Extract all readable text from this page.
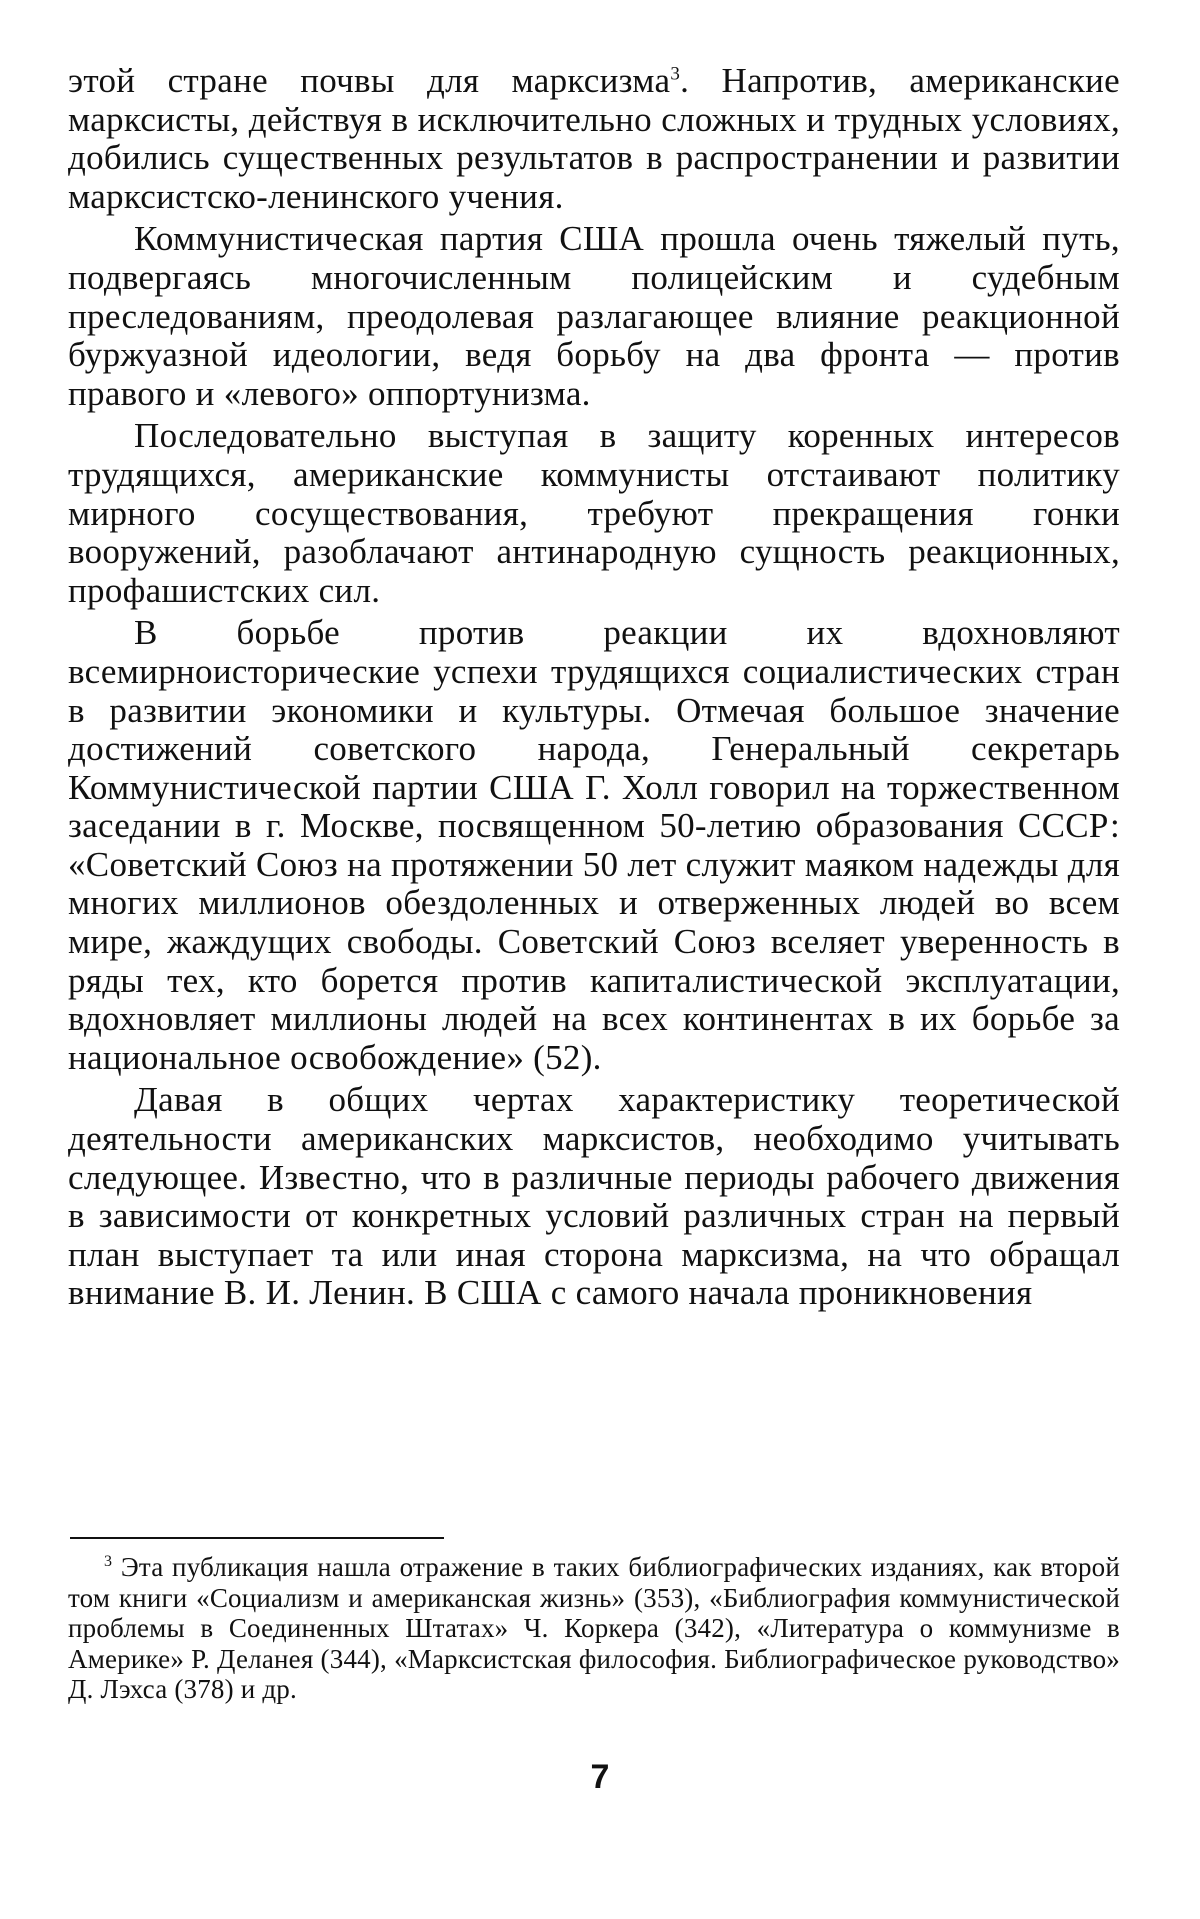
этой стране почвы для марксизма$^3$. Напротив, американские марксисты, действуя в исключительно сложных и трудных условиях, добились существенных результатов в распространении и развитии марксистско-ленинского учения.

Коммунистическая партия США прошла очень тяжелый путь, подвергаясь многочисленным полицейским и судебным преследованиям, преодолевая разлагающее влияние реакционной буржуазной идеологии, ведя борьбу на два фронта — против правого и «левого» оппортунизма.

Последовательно выступая в защиту коренных интересов трудящихся, американские коммунисты отстаивают политику мирного сосуществования, требуют прекращения гонки вооружений, разоблачают антинародную сущность реакционных, профашистских сил.

В борьбе против реакции их вдохновляют всемирноисторические успехи трудящихся социалистических стран в развитии экономики и культуры. Отмечая большое значение достижений советского народа, Генеральный секретарь Коммунистической партии США Г. Холл говорил на торжественном заседании в г. Москве, посвященном 50-летию образования СССР: «Советский Союз на протяжении 50 лет служит маяком надежды для многих миллионов обездоленных и отверженных людей во всем мире, жаждущих свободы. Советский Союз вселяет уверенность в ряды тех, кто борется против капиталистической эксплуатации, вдохновляет миллионы людей на всех континентах в их борьбе за национальное освобождение» (52).

Давая в общих чертах характеристику теоретической деятельности американских марксистов, необходимо учитывать следующее. Известно, что в различные периоды рабочего движения в зависимости от конкретных условий различных стран на первый план выступает та или иная сторона марксизма, на что обращал внимание В. И. Ленин. В США с самого начала проникновения

$^3$ Эта публикация нашла отражение в таких библиографических изданиях, как второй том книги «Социализм и американская жизнь» (353), «Библиография коммунистической проблемы в Соединенных Штатах» Ч. Коркера (342), «Литература о коммунизме в Америке» Р. Деланея (344), «Марксистская философия. Библиографическое руководство» Д. Лэхса (378) и др.
7
